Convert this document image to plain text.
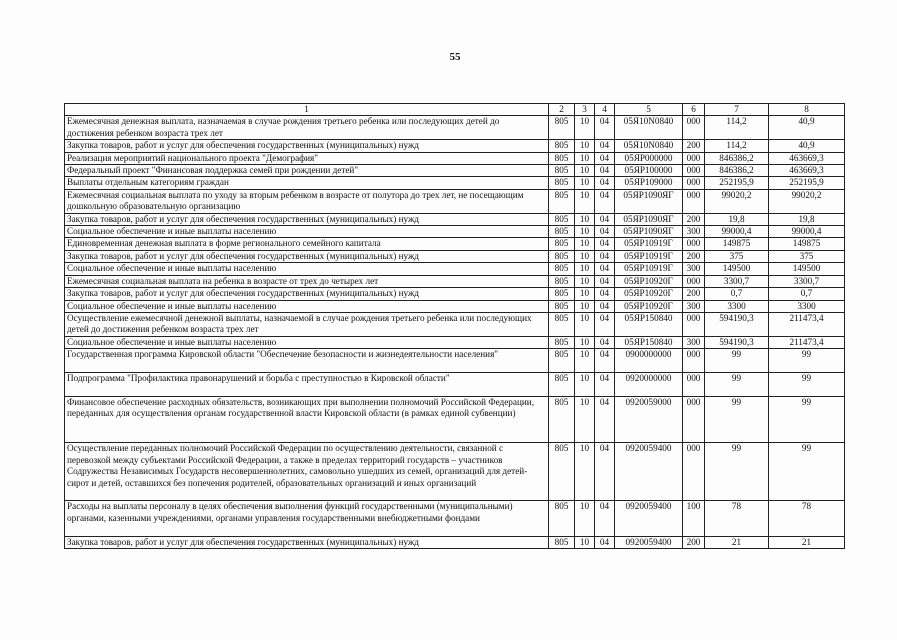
55
1	2	3	4	5	6	7	8
Ежемесячная денежная выплата, назначаемая в случае рождения третьего ребенка или последующих детей до достижения ребенком возраста трех лет	805	10	04	05Я10N0840	000	114,2	40,9
Закупка товаров, работ и услуг для обеспечения государственных (муниципальных) нужд	805	10	04	05Я10N0840	200	114,2	40,9
Реализация мероприятий национального проекта "Демография"	805	10	04	05ЯР000000	000	846386,2	463669,3
Федеральный проект "Финансовая поддержка семей при рождении детей"	805	10	04	05ЯР100000	000	846386,2	463669,3
Выплаты отдельным категориям граждан	805	10	04	05ЯР109000	000	252195,9	252195,9
Ежемесячная социальная выплата по уходу за вторым ребенком в возрасте от полутора до трех лет, не посещающим дошкольную образовательную организацию	805	10	04	05ЯР1090ЯГ	000	99020,2	99020,2
Закупка товаров, работ и услуг для обеспечения государственных (муниципальных) нужд	805	10	04	05ЯР1090ЯГ	200	19,8	19,8
Социальное обеспечение и иные выплаты населению	805	10	04	05ЯР1090ЯГ	300	99000,4	99000,4
Единовременная денежная выплата в форме регионального семейного капитала	805	10	04	05ЯР10919Г	000	149875	149875
Закупка товаров, работ и услуг для обеспечения государственных (муниципальных) нужд	805	10	04	05ЯР10919Г	200	375	375
Социальное обеспечение и иные выплаты населению	805	10	04	05ЯР10919Г	300	149500	149500
Ежемесячная социальная выплата на ребенка в возрасте от трех до четырех лет	805	10	04	05ЯР10920Г	000	3300,7	3300,7
Закупка товаров, работ и услуг для обеспечения государственных (муниципальных) нужд	805	10	04	05ЯР10920Г	200	0,7	0,7
Социальное обеспечение и иные выплаты населению	805	10	04	05ЯР10920Г	300	3300	3300
Осуществление ежемесячной денежной выплаты, назначаемой в случае рождения третьего ребенка или последующих детей до достижения ребенком возраста трех лет	805	10	04	05ЯР150840	000	594190,3	211473,4
Социальное обеспечение и иные выплаты населению	805	10	04	05ЯР150840	300	594190,3	211473,4
Государственная программа Кировской области "Обеспечение безопасности и жизнедеятельности населения"	805	10	04	0900000000	000	99	99
Подпрограмма "Профилактика правонарушений и борьба с преступностью в Кировской области"	805	10	04	0920000000	000	99	99
Финансовое обеспечение расходных обязательств, возникающих при выполнении полномочий Российской Федерации, переданных для осуществления органам государственной власти Кировской области (в рамках единой субвенции)	805	10	04	0920059000	000	99	99
Осуществление переданных полномочий Российской Федерации по осуществлению деятельности, связанной с перевозкой между субъектами Российской Федерации, а также в пределах территорий государств – участников Содружества Независимых Государств несовершеннолетних, самовольно ушедших из семей, организаций для детей-сирот и детей, оставшихся без попечения родителей, образовательных организаций и иных организаций	805	10	04	0920059400	000	99	99
Расходы на выплаты персоналу в целях обеспечения выполнения функций государственными (муниципальными) органами, казенными учреждениями, органами управления государственными внебюджетными фондами	805	10	04	0920059400	100	78	78
Закупка товаров, работ и услуг для обеспечения государственных (муниципальных) нужд	805	10	04	0920059400	200	21	21
